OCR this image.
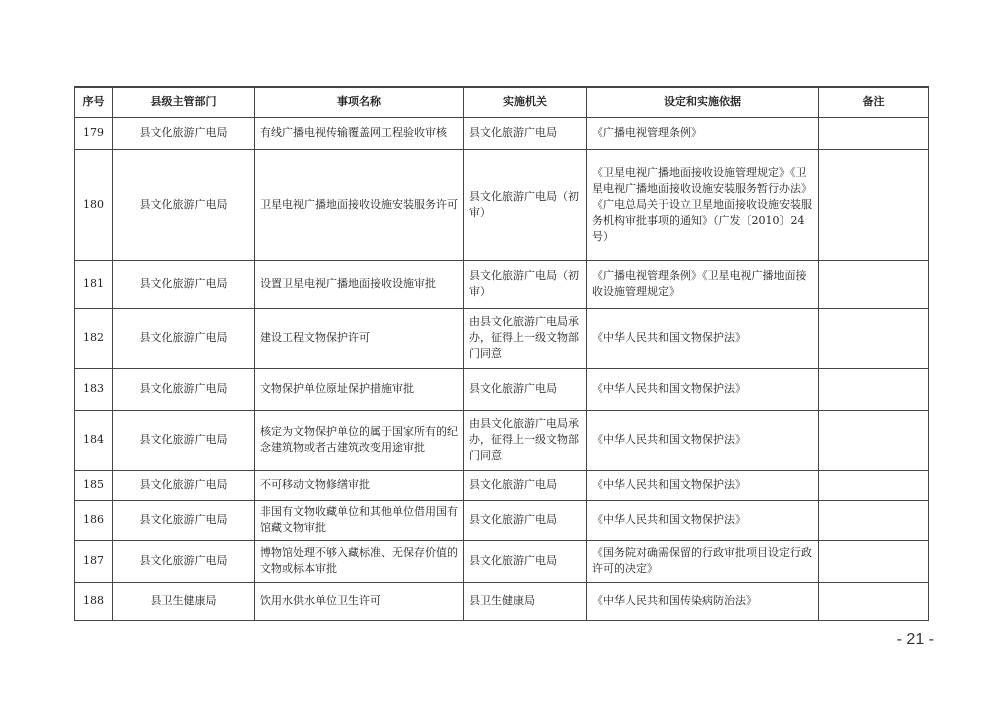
序号	县级主管部门	事项名称	实施机关	设定和实施依据	备注
179	县文化旅游广电局	有线广播电视传输覆盖网工程验收审核	县文化旅游广电局	《广播电视管理条例》	
180	县文化旅游广电局	卫星电视广播地面接收设施安装服务许可	县文化旅游广电局（初审）	《卫星电视广播地面接收设施管理规定》《卫星电视广播地面接收设施安装服务暂行办法》《广电总局关于设立卫星地面接收设施安装服务机构审批事项的通知》（广发〔2010〕24号）	
181	县文化旅游广电局	设置卫星电视广播地面接收设施审批	县文化旅游广电局（初审）	《广播电视管理条例》《卫星电视广播地面接收设施管理规定》	
182	县文化旅游广电局	建设工程文物保护许可	由县文化旅游广电局承办，征得上一级文物部门同意	《中华人民共和国文物保护法》	
183	县文化旅游广电局	文物保护单位原址保护措施审批	县文化旅游广电局	《中华人民共和国文物保护法》	
184	县文化旅游广电局	核定为文物保护单位的属于国家所有的纪念建筑物或者古建筑改变用途审批	由县文化旅游广电局承办，征得上一级文物部门同意	《中华人民共和国文物保护法》	
185	县文化旅游广电局	不可移动文物修缮审批	县文化旅游广电局	《中华人民共和国文物保护法》	
186	县文化旅游广电局	非国有文物收藏单位和其他单位借用国有馆藏文物审批	县文化旅游广电局	《中华人民共和国文物保护法》	
187	县文化旅游广电局	博物馆处理不够入藏标准、无保存价值的文物或标本审批	县文化旅游广电局	《国务院对确需保留的行政审批项目设定行政许可的决定》	
188	县卫生健康局	饮用水供水单位卫生许可	县卫生健康局	《中华人民共和国传染病防治法》	
- 21 -
